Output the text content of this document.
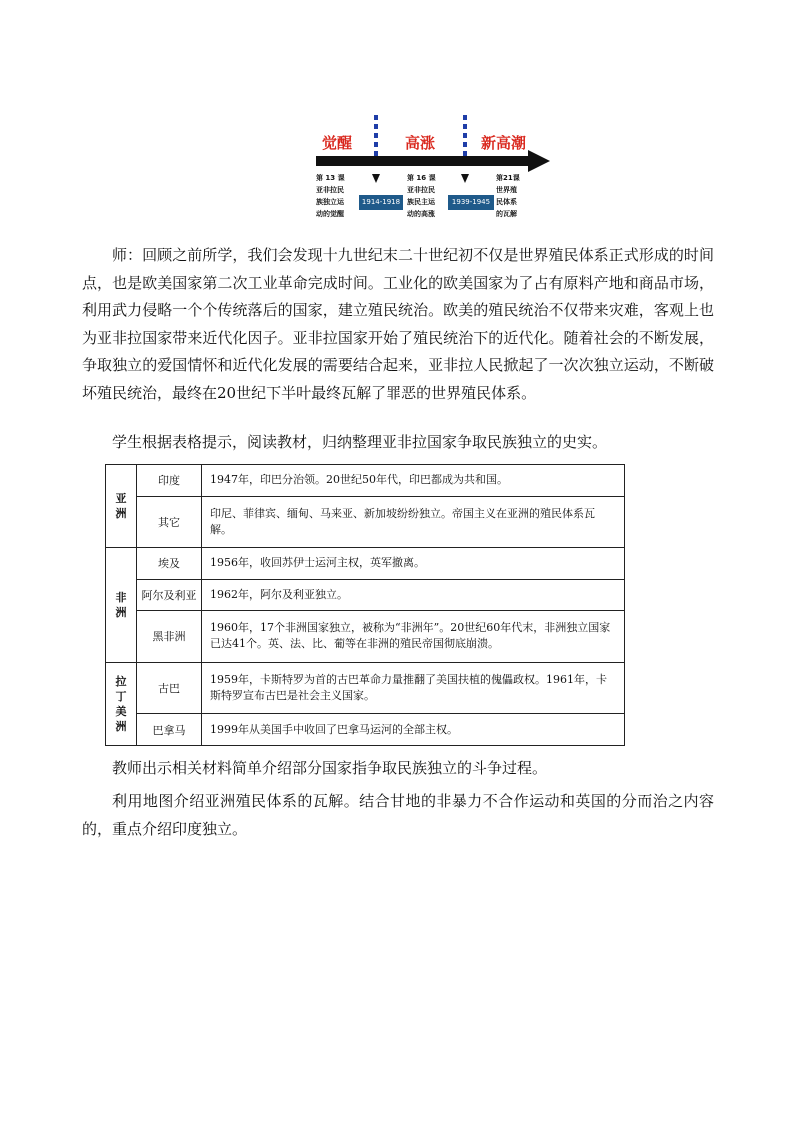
觉醒	高涨	新高潮
第 13 课
亚非拉民
族独立运
动的觉醒
1914-1918
第 16 课
亚非拉民
族民主运
动的高涨
1939-1945
第21课
世界殖
民体系
的瓦解

师：回顾之前所学，我们会发现十九世纪末二十世纪初不仅是世界殖民体系正式形成的时间点，也是欧美国家第二次工业革命完成时间。工业化的欧美国家为了占有原料产地和商品市场，利用武力侵略一个个传统落后的国家，建立殖民统治。欧美的殖民统治不仅带来灾难，客观上也为亚非拉国家带来近代化因子。亚非拉国家开始了殖民统治下的近代化。随着社会的不断发展，争取独立的爱国情怀和近代化发展的需要结合起来，亚非拉人民掀起了一次次独立运动，不断破坏殖民统治，最终在20世纪下半叶最终瓦解了罪恶的世界殖民体系。

学生根据表格提示，阅读教材，归纳整理亚非拉国家争取民族独立的史实。

亚洲	印度	1947年，印巴分治领。20世纪50年代，印巴都成为共和国。
	其它	印尼、菲律宾、缅甸、马来亚、新加坡纷纷独立。帝国主义在亚洲的殖民体系瓦解。

非洲	埃及	1956年，收回苏伊士运河主权，英军撤离。
	阿尔及利亚	1962年，阿尔及利亚独立。
	黑非洲	1960年，17个非洲国家独立，被称为“非洲年”。20世纪60年代末，非洲独立国家已达41个。英、法、比、葡等在非洲的殖民帝国彻底崩溃。

拉丁美洲	古巴	1959年，卡斯特罗为首的古巴革命力量推翻了美国扶植的傀儡政权。1961年，卡斯特罗宣布古巴是社会主义国家。
	巴拿马	1999年从美国手中收回了巴拿马运河的全部主权。

教师出示相关材料简单介绍部分国家指争取民族独立的斗争过程。

利用地图介绍亚洲殖民体系的瓦解。结合甘地的非暴力不合作运动和英国的分而治之内容的，重点介绍印度独立。
